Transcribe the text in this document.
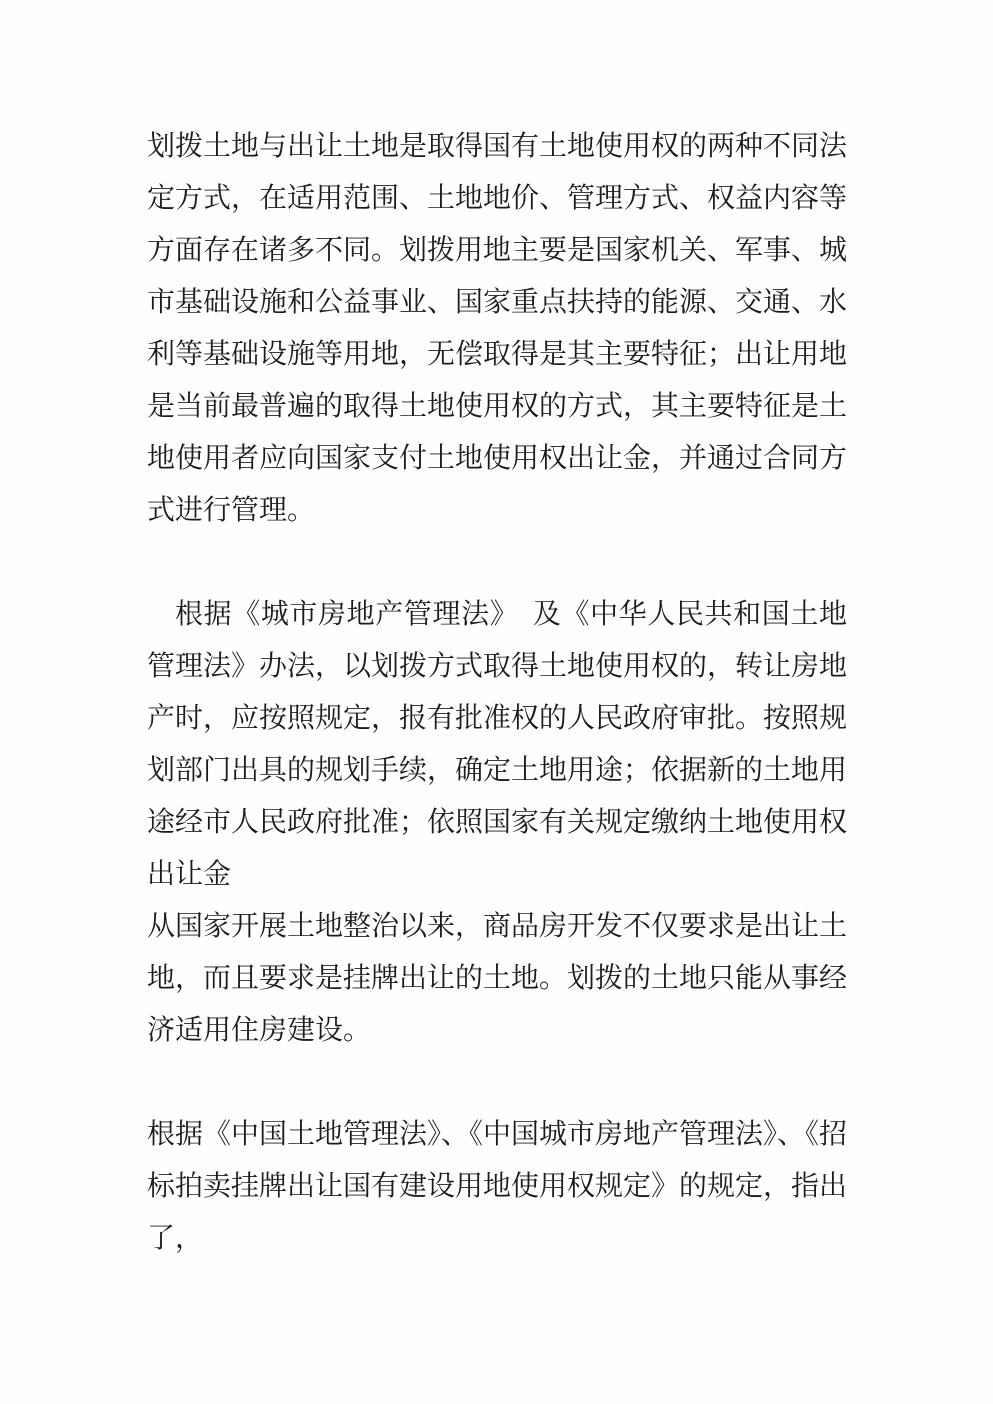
划拨土地与出让土地是取得国有土地使用权的两种不同法定方式，在适用范围、土地地价、管理方式、权益内容等方面存在诸多不同。划拨用地主要是国家机关、军事、城市基础设施和公益事业、国家重点扶持的能源、交通、水利等基础设施等用地，无偿取得是其主要特征；出让用地是当前最普遍的取得土地使用权的方式，其主要特征是土地使用者应向国家支付土地使用权出让金，并通过合同方式进行管理。

根据《城市房地产管理法》　及《中华人民共和国土地管理法》办法，以划拨方式取得土地使用权的，转让房地产时，应按照规定，报有批准权的人民政府审批。按照规划部门出具的规划手续，确定土地用途；依据新的土地用途经市人民政府批准；依照国家有关规定缴纳土地使用权出让金

从国家开展土地整治以来，商品房开发不仅要求是出让土地，而且要求是挂牌出让的土地。划拨的土地只能从事经济适用住房建设。

根据《中国土地管理法》、《中国城市房地产管理法》、《招标拍卖挂牌出让国有建设用地使用权规定》的规定，指出了，
